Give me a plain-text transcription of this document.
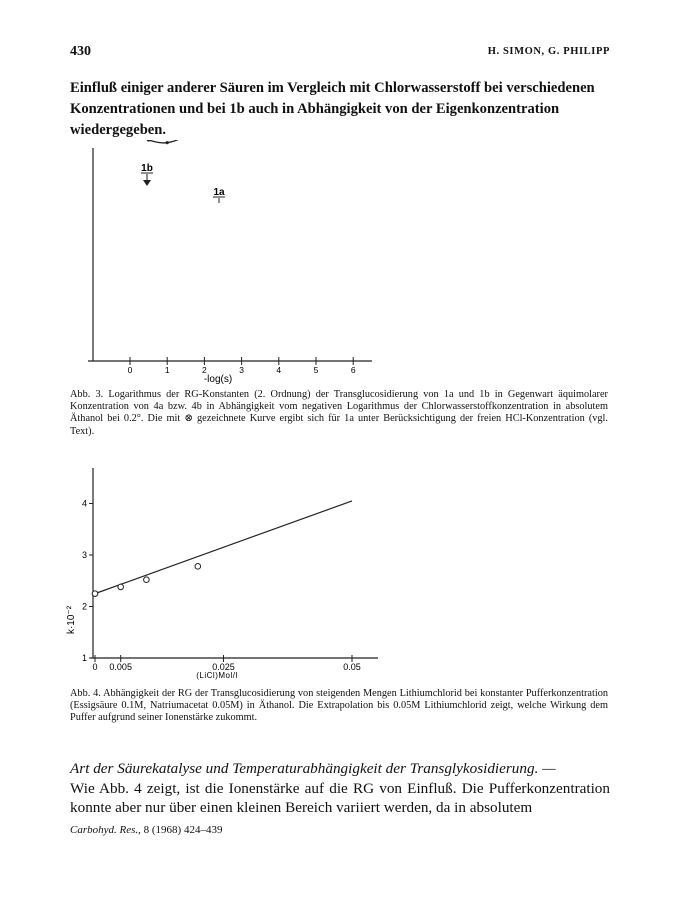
430	H. SIMON, G. PHILIPP
Einfluß einiger anderer Säuren im Vergleich mit Chlorwasserstoff bei verschiedenen
Konzentrationen und bei 1b auch in Abhängigkeit von der Eigenkonzentration
wiedergegeben.
0	1	2	3	4	5	6
1b
1a
-log(s)
Abb. 3. Logarithmus der RG-Konstanten (2. Ordnung) der Transglucosidierung von 1a und 1b in Gegenwart äquimolarer Konzentration von 4a bzw. 4b in Abhängigkeit vom negativen Logarithmus der Chlorwasserstoffkonzentration in absolutem Äthanol bei 0.2°. Die mit ⊗ gezeichnete Kurve ergibt sich für 1a unter Berücksichtigung der freien HCl-Konzentration (vgl. Text).
1
2
3
4
0 0.005	0.025	0.05
k·10⁻²
(LiCl)Mol/l
Abb. 4. Abhängigkeit der RG der Transglucosidierung von steigenden Mengen Lithiumchlorid bei konstanter Pufferkonzentration (Essigsäure 0.1M, Natriumacetat 0.05M) in Äthanol. Die Extrapolation bis 0.05M Lithiumchlorid zeigt, welche Wirkung dem Puffer aufgrund seiner Ionenstärke zukommt.
Art der Säurekatalyse und Temperaturabhängigkeit der Transglykosidierung. —
Wie Abb. 4 zeigt, ist die Ionenstärke auf die RG von Einfluß. Die Pufferkonzentration konnte aber nur über einen kleinen Bereich variiert werden, da in absolutem
Carbohyd. Res., 8 (1968) 424–439
